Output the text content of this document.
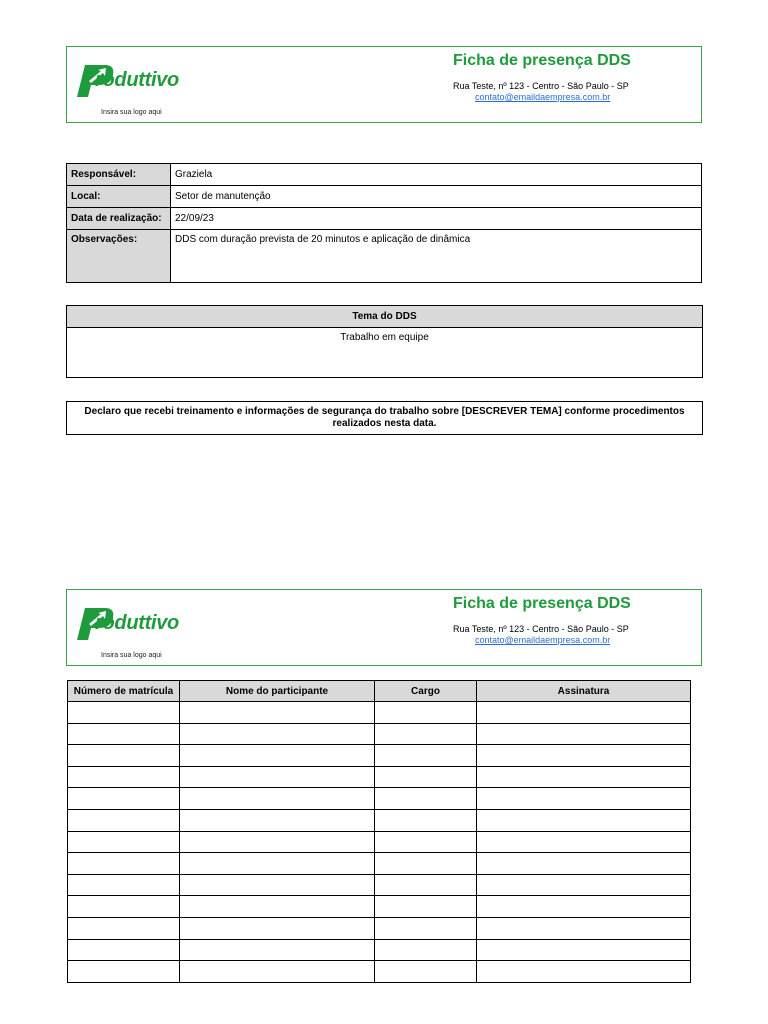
roduttivo
Insira sua logo aqui
Ficha de presença DDS
Rua Teste, nº 123 - Centro - São Paulo - SP
contato@emaildaempresa.com.br
Responsável:	Graziela
Local:	Setor de manutenção
Data de realização:	22/09/23
Observações:	DDS com duração prevista de 20 minutos e aplicação de dinâmica
Tema do DDS
Trabalho em equipe
Declaro que recebi treinamento e informações de segurança do trabalho sobre [DESCREVER TEMA] conforme procedimentos realizados nesta data.
roduttivo
Insira sua logo aqui
Ficha de presença DDS
Rua Teste, nº 123 - Centro - São Paulo - SP
contato@emaildaempresa.com.br
Número de matrícula	Nome do participante	Cargo	Assinatura
